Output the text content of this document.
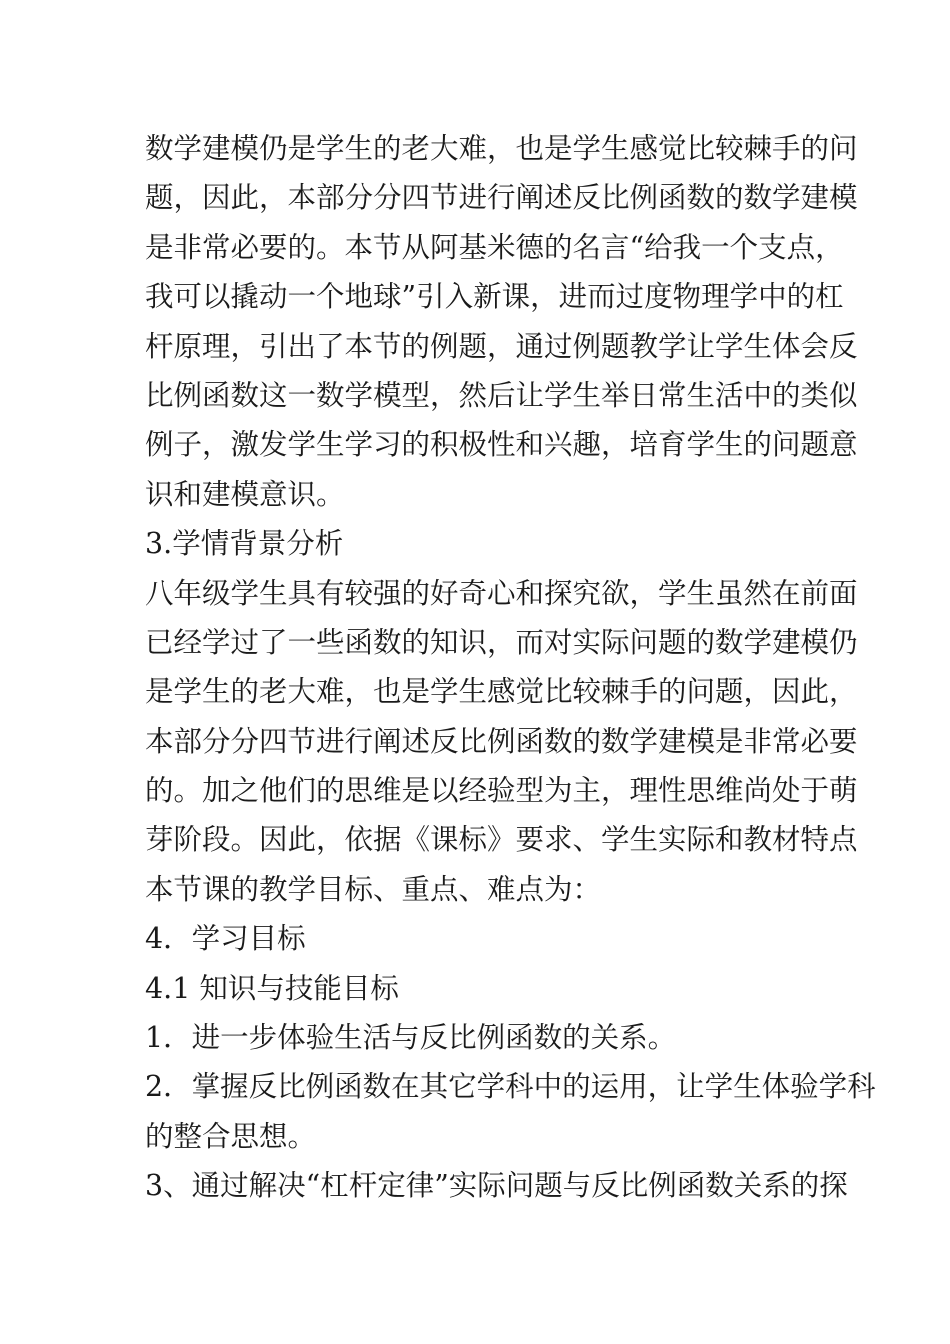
数学建模仍是学生的老大难，也是学生感觉比较棘手的问
题，因此，本部分分四节进行阐述反比例函数的数学建模
是非常必要的。本节从阿基米德的名言“给我一个支点，
我可以撬动一个地球”引入新课，进而过度物理学中的杠
杆原理，引出了本节的例题，通过例题教学让学生体会反
比例函数这一数学模型，然后让学生举日常生活中的类似
例子，激发学生学习的积极性和兴趣，培育学生的问题意
识和建模意识。
3.学情背景分析
八年级学生具有较强的好奇心和探究欲，学生虽然在前面
已经学过了一些函数的知识，而对实际问题的数学建模仍
是学生的老大难，也是学生感觉比较棘手的问题，因此，
本部分分四节进行阐述反比例函数的数学建模是非常必要
的。加之他们的思维是以经验型为主，理性思维尚处于萌
芽阶段。因此，依据《课标》要求、学生实际和教材特点
本节课的教学目标、重点、难点为：
4．学习目标
4.1 知识与技能目标
1．进一步体验生活与反比例函数的关系。
2．掌握反比例函数在其它学科中的运用，让学生体验学科
的整合思想。
3、通过解决“杠杆定律”实际问题与反比例函数关系的探
